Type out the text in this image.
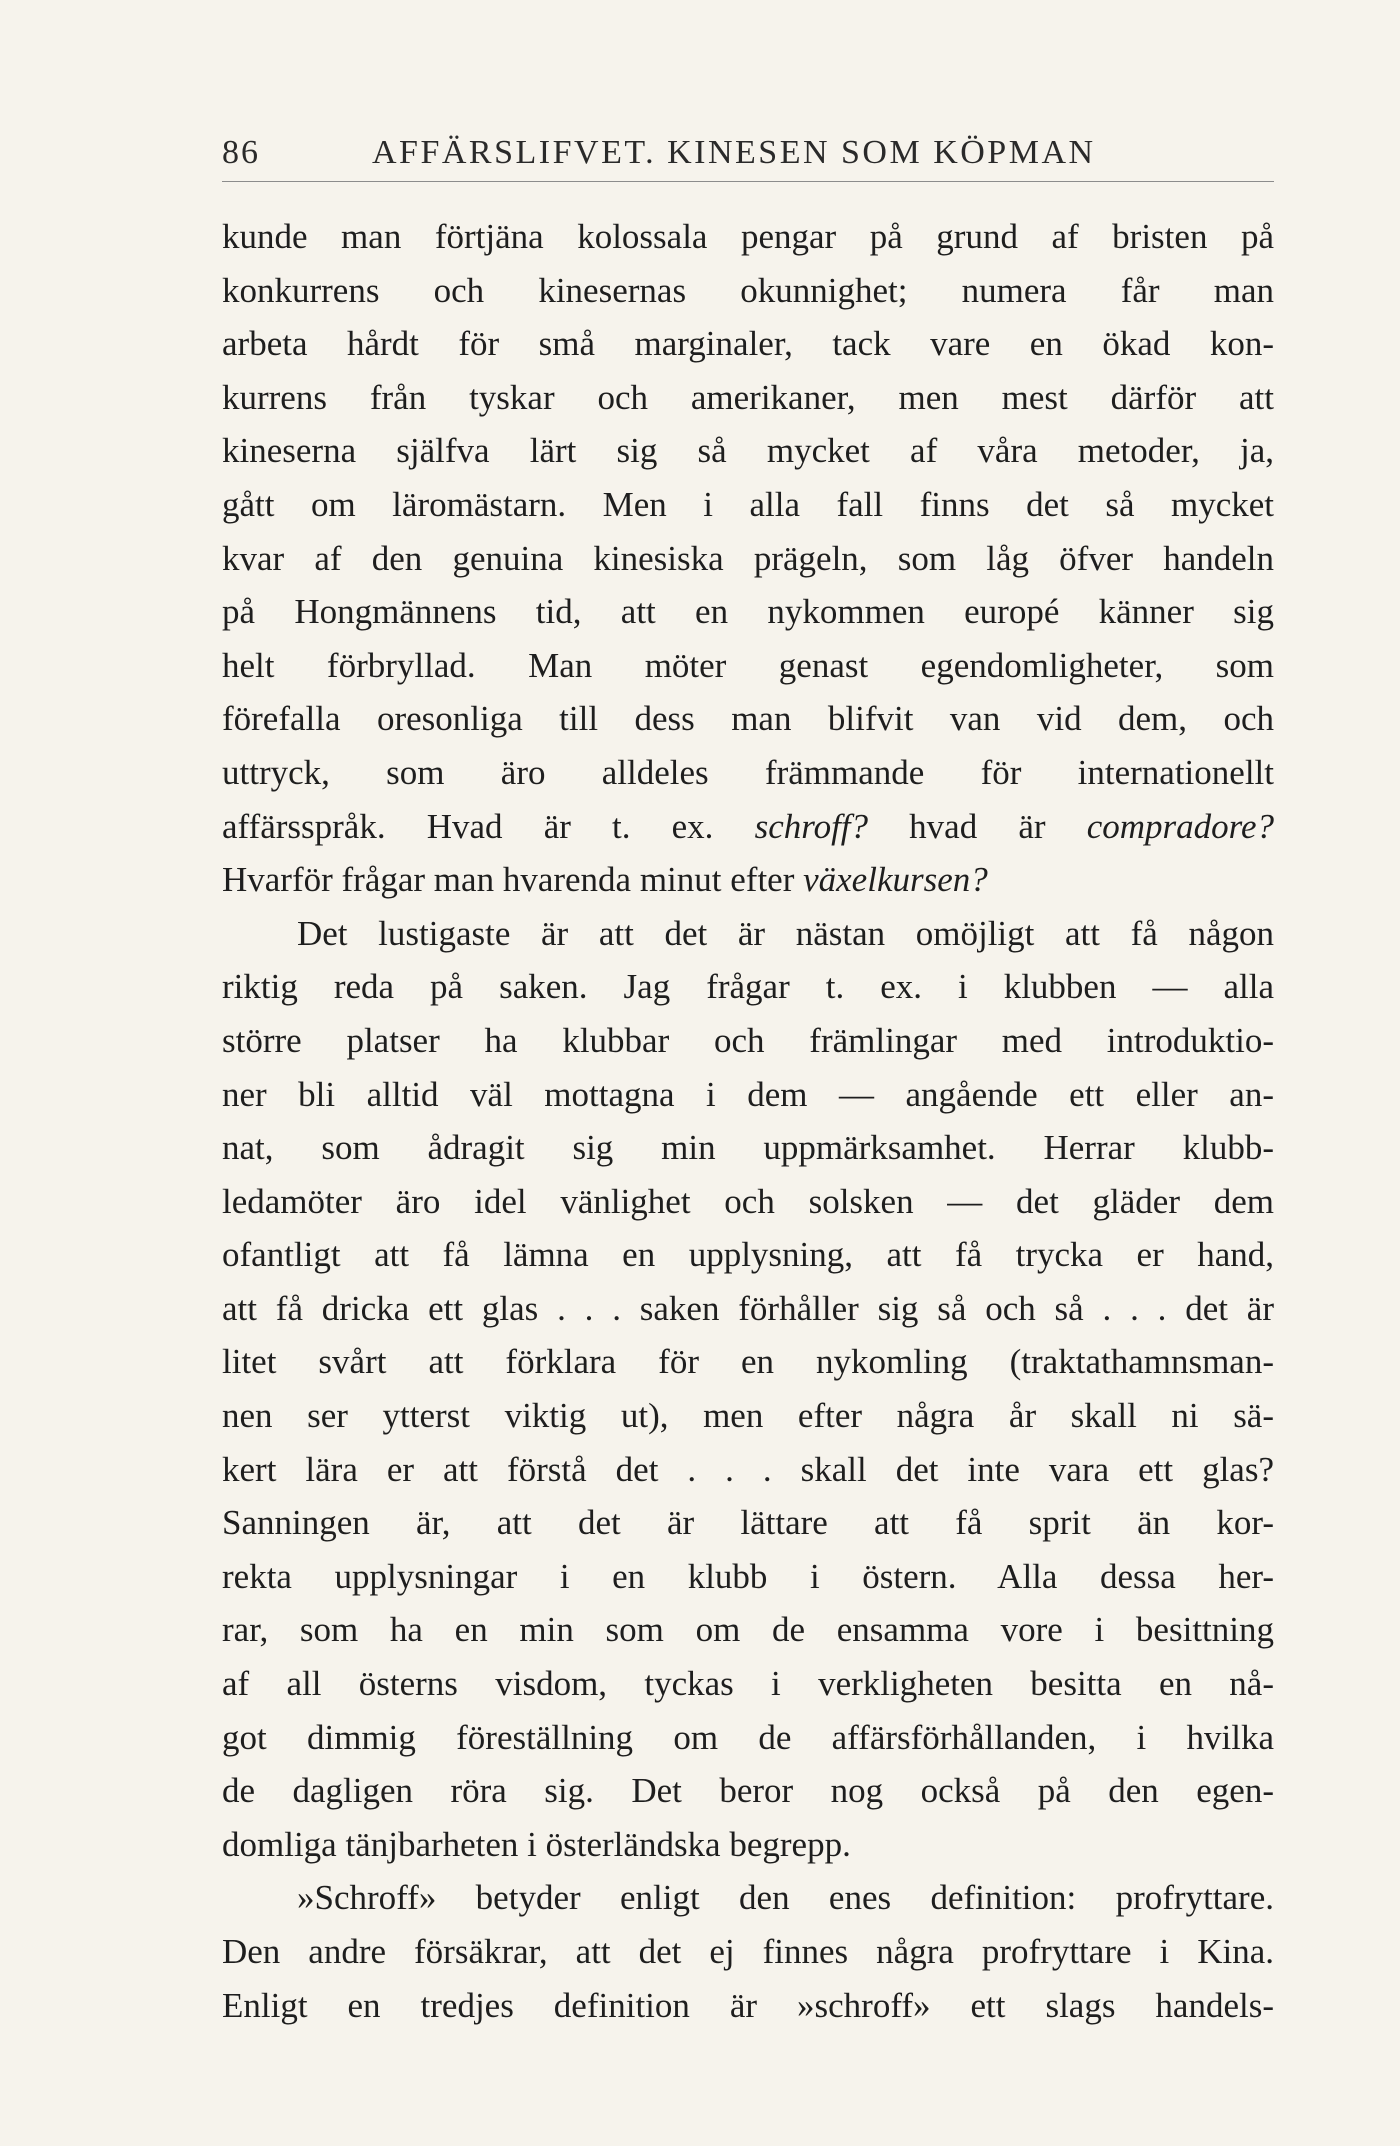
86	AFFÄRSLIFVET. KINESEN SOM KÖPMAN
kunde man förtjäna kolossala pengar på grund af bristen på
konkurrens och kinesernas okunnighet; numera får man
arbeta hårdt för små marginaler, tack vare en ökad kon-
kurrens från tyskar och amerikaner, men mest därför att
kineserna själfva lärt sig så mycket af våra metoder, ja,
gått om läromästarn. Men i alla fall finns det så mycket
kvar af den genuina kinesiska prägeln, som låg öfver handeln
på Hongmännens tid, att en nykommen europé känner sig
helt förbryllad. Man möter genast egendomligheter, som
förefalla oresonliga till dess man blifvit van vid dem, och
uttryck, som äro alldeles främmande för internationellt
affärsspråk. Hvad är t. ex. schroff? hvad är compradore?
Hvarför frågar man hvarenda minut efter växelkursen?
Det lustigaste är att det är nästan omöjligt att få någon
riktig reda på saken. Jag frågar t. ex. i klubben — alla
större platser ha klubbar och främlingar med introduktio-
ner bli alltid väl mottagna i dem — angående ett eller an-
nat, som ådragit sig min uppmärksamhet. Herrar klubb-
ledamöter äro idel vänlighet och solsken — det gläder dem
ofantligt att få lämna en upplysning, att få trycka er hand,
att få dricka ett glas . . . saken förhåller sig så och så . . . det är
litet svårt att förklara för en nykomling (traktathamnsman-
nen ser ytterst viktig ut), men efter några år skall ni sä-
kert lära er att förstå det . . . skall det inte vara ett glas?
Sanningen är, att det är lättare att få sprit än kor-
rekta upplysningar i en klubb i östern. Alla dessa her-
rar, som ha en min som om de ensamma vore i besittning
af all österns visdom, tyckas i verkligheten besitta en nå-
got dimmig föreställning om de affärsförhållanden, i hvilka
de dagligen röra sig. Det beror nog också på den egen-
domliga tänjbarheten i österländska begrepp.
»Schroff» betyder enligt den enes definition: profryttare.
Den andre försäkrar, att det ej finnes några profryttare i Kina.
Enligt en tredjes definition är »schroff» ett slags handels-
